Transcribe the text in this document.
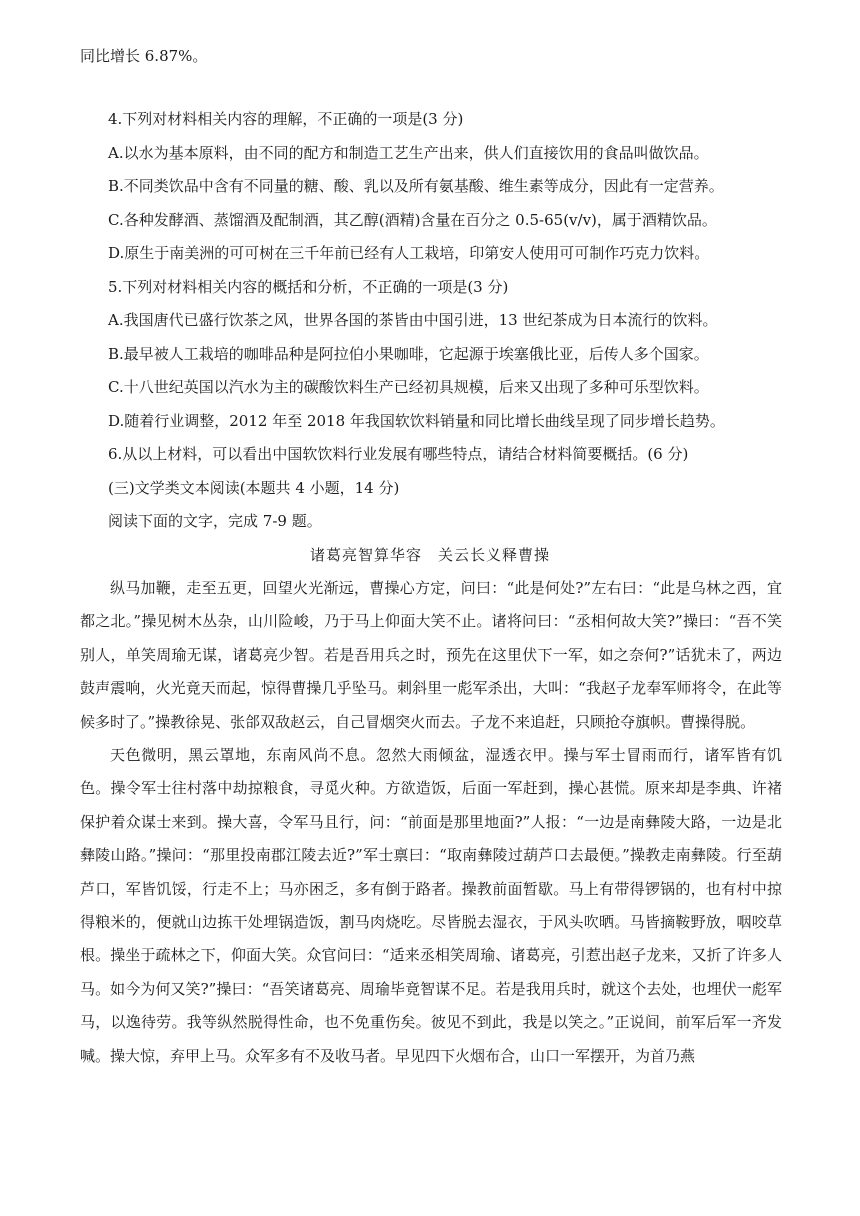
同比增长 6.87%。
4.下列对材料相关内容的理解，不正确的一项是(3 分)
A.以水为基本原料，由不同的配方和制造工艺生产出来，供人们直接饮用的食品叫做饮品。
B.不同类饮品中含有不同量的糖、酸、乳以及所有氨基酸、维生素等成分，因此有一定营养。
C.各种发酵酒、蒸馏酒及配制酒，其乙醇(酒精)含量在百分之 0.5-65(v/v)，属于酒精饮品。
D.原生于南美洲的可可树在三千年前已经有人工栽培，印第安人使用可可制作巧克力饮料。
5.下列对材料相关内容的概括和分析，不正确的一项是(3 分)
A.我国唐代已盛行饮茶之风，世界各国的茶皆由中国引进，13 世纪茶成为日本流行的饮料。
B.最早被人工栽培的咖啡品种是阿拉伯小果咖啡，它起源于埃塞俄比亚，后传人多个国家。
C.十八世纪英国以汽水为主的碳酸饮料生产已经初具规模，后来又出现了多种可乐型饮料。
D.随着行业调整，2012 年至 2018 年我国软饮料销量和同比增长曲线呈现了同步增长趋势。
6.从以上材料，可以看出中国软饮料行业发展有哪些特点，请结合材料简要概括。(6 分)
(三)文学类文本阅读(本题共 4 小题，14 分)
阅读下面的文字，完成 7-9 题。
诸葛亮智算华容　关云长义释曹操

纵马加鞭，走至五更，回望火光渐远，曹操心方定，问曰：“此是何处?”左右曰：“此是乌林之西，宜都之北。”操见树木丛杂，山川险峻，乃于马上仰面大笑不止。诸将问曰：“丞相何故大笑?”操曰：“吾不笑别人，单笑周瑜无谋，诸葛亮少智。若是吾用兵之时，预先在这里伏下一军，如之奈何?”话犹未了，两边鼓声震响，火光竟天而起，惊得曹操几乎坠马。刺斜里一彪军杀出，大叫：“我赵子龙奉军师将令，在此等候多时了。”操教徐晃、张郃双敌赵云，自己冒烟突火而去。子龙不来追赶，只顾抢夺旗帜。曹操得脱。

天色微明，黑云罩地，东南风尚不息。忽然大雨倾盆，湿透衣甲。操与军士冒雨而行，诸军皆有饥色。操令军士往村落中劫掠粮食，寻觅火种。方欲造饭，后面一军赶到，操心甚慌。原来却是李典、许褚保护着众谋士来到。操大喜，令军马且行，问：“前面是那里地面?”人报：“一边是南彝陵大路，一边是北彝陵山路。”操问：“那里投南郡江陵去近?”军士禀曰：“取南彝陵过葫芦口去最便。”操教走南彝陵。行至葫芦口，军皆饥馁，行走不上；马亦困乏，多有倒于路者。操教前面暂歇。马上有带得锣锅的，也有村中掠得粮米的，便就山边拣干处埋锅造饭，割马肉烧吃。尽皆脱去湿衣，于风头吹晒。马皆摘鞍野放，咽咬草根。操坐于疏林之下，仰面大笑。众官问曰：“适来丞相笑周瑜、诸葛亮，引惹出赵子龙来，又折了许多人马。如今为何又笑?”操曰：“吾笑诸葛亮、周瑜毕竟智谋不足。若是我用兵时，就这个去处，也埋伏一彪军马，以逸待劳。我等纵然脱得性命，也不免重伤矣。彼见不到此，我是以笑之。”正说间，前军后军一齐发喊。操大惊，弃甲上马。众军多有不及收马者。早见四下火烟布合，山口一军摆开，为首乃燕
